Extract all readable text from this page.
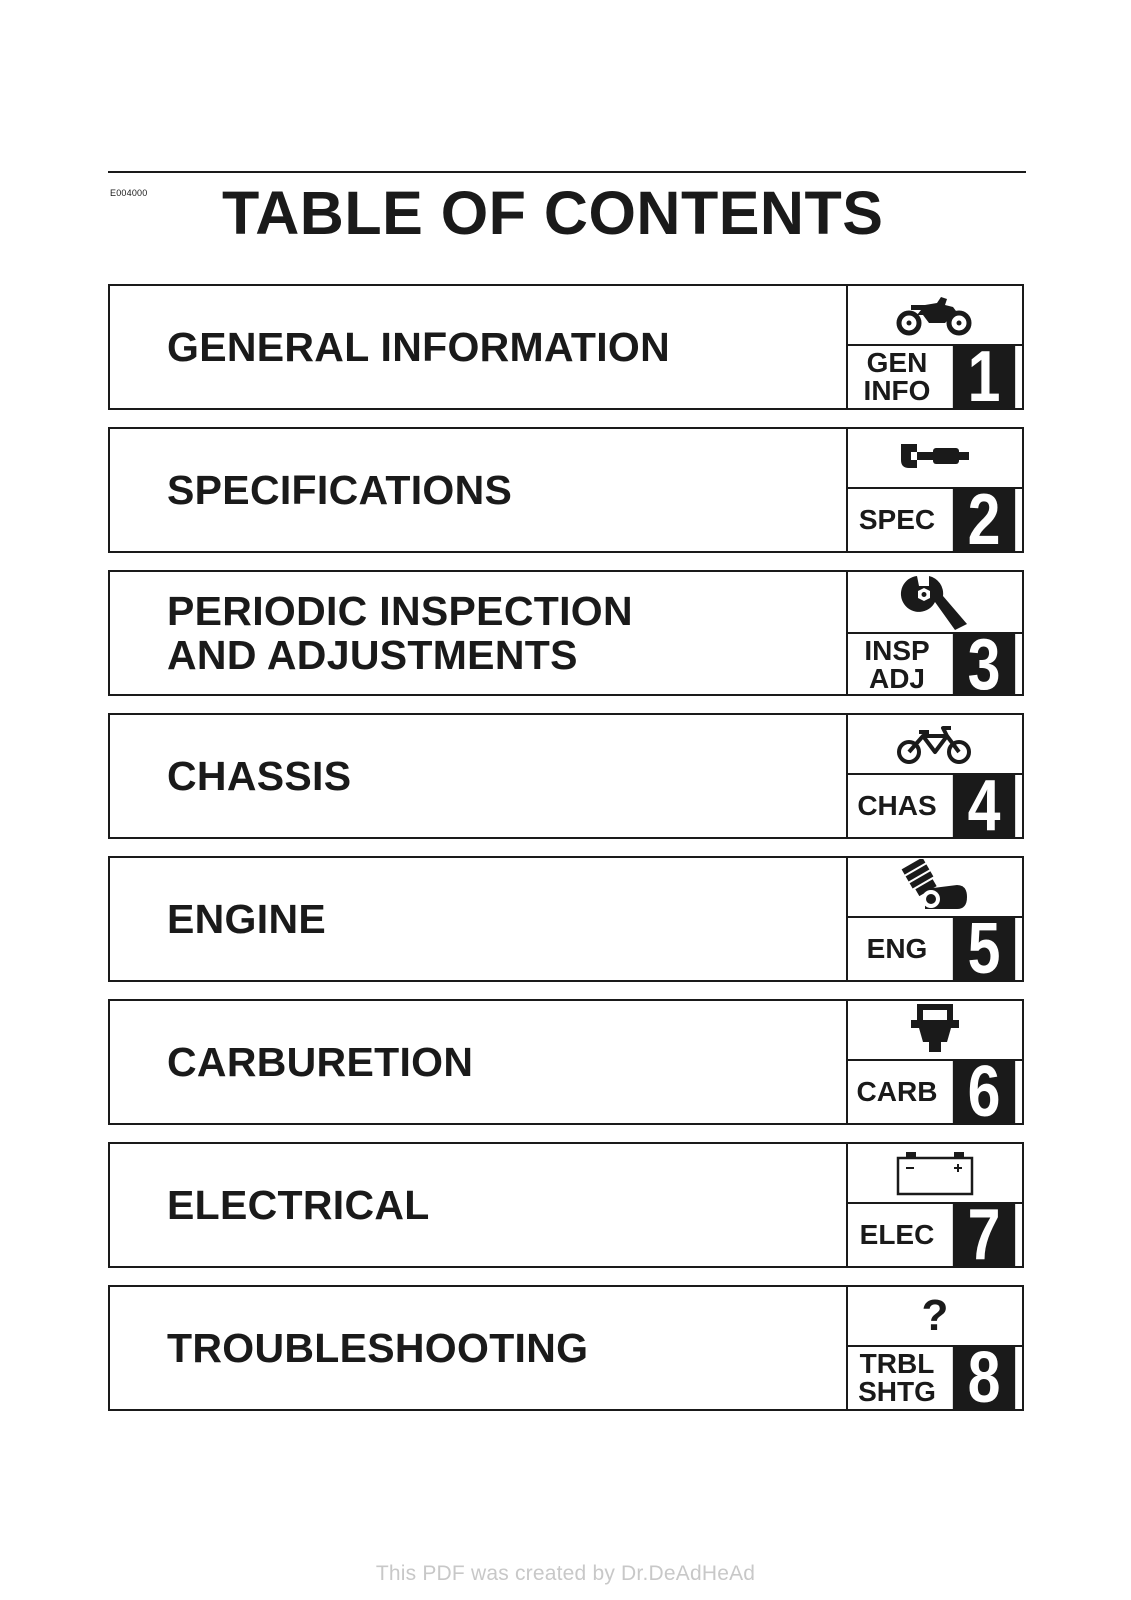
E004000 TABLE OF CONTENTS
GENERAL INFORMATION	GEN
INFO 1
SPECIFICATIONS
SPEC 2
PERIODIC INSPECTION
AND ADJUSTMENTS	INSP
ADJ 3
CHASSIS
CHAS 4
ENGINE
ENG 5
CARBURETION
CARB 6
ELECTRICAL
ELEC 7
TROUBLESHOOTING
?
TRBL
SHTG 8
This PDF was created by Dr.DeAdHeAd
